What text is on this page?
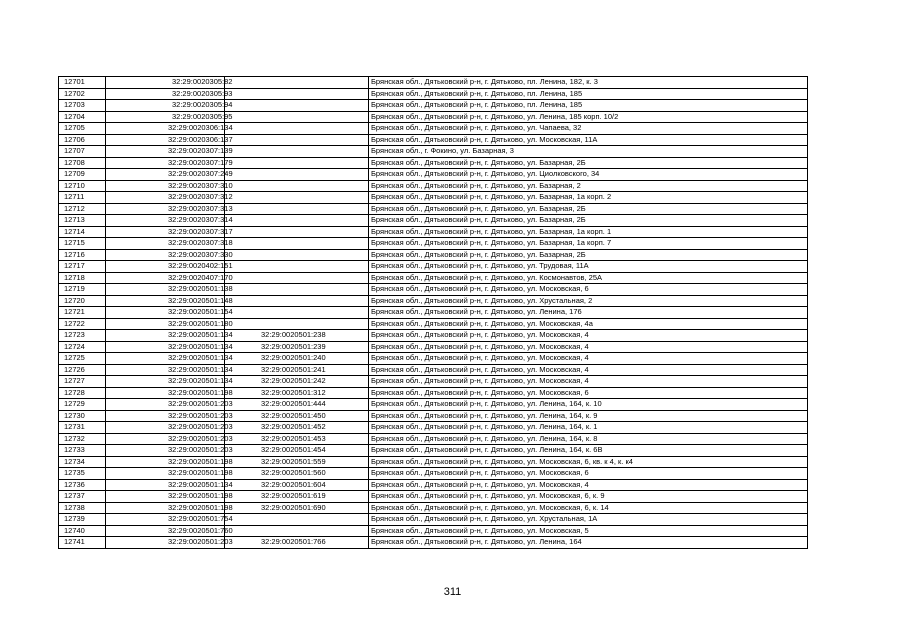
12701	32:29:0020305:82		Брянская обл., Дятьковский р-н, г. Дятьково, пл. Ленина, 182, к. 3
12702	32:29:0020305:93		Брянская обл., Дятьковский р-н, г. Дятьково, пл. Ленина, 185
12703	32:29:0020305:94		Брянская обл., Дятьковский р-н, г. Дятьково, пл. Ленина, 185
12704	32:29:0020305:95		Брянская обл., Дятьковский р-н, г. Дятьково, ул. Ленина, 185 корп. 10/2
12705	32:29:0020306:134		Брянская обл., Дятьковский р-н, г. Дятьково, ул. Чапаева, 32
12706	32:29:0020306:137		Брянская обл., Дятьковский р-н, г. Дятьково, ул. Московская, 11А
12707	32:29:0020307:139		Брянская обл., г. Фокино, ул. Базарная, 3
12708	32:29:0020307:179		Брянская обл., Дятьковский р-н, г. Дятьково, ул. Базарная, 2Б
12709	32:29:0020307:249		Брянская обл., Дятьковский р-н, г. Дятьково, ул. Циолковского, 34
12710	32:29:0020307:310		Брянская обл., Дятьковский р-н, г. Дятьково, ул. Базарная, 2
12711	32:29:0020307:312		Брянская обл., Дятьковский р-н, г. Дятьково, ул. Базарная, 1а корп. 2
12712	32:29:0020307:313		Брянская обл., Дятьковский р-н, г. Дятьково, ул. Базарная, 2Б
12713	32:29:0020307:314		Брянская обл., Дятьковский р-н, г. Дятьково, ул. Базарная, 2Б
12714	32:29:0020307:317		Брянская обл., Дятьковский р-н, г. Дятьково, ул. Базарная, 1а корп. 1
12715	32:29:0020307:318		Брянская обл., Дятьковский р-н, г. Дятьково, ул. Базарная, 1а корп. 7
12716	32:29:0020307:330		Брянская обл., Дятьковский р-н, г. Дятьково, ул. Базарная, 2Б
12717	32:29:0020402:151		Брянская обл., Дятьковский р-н, г. Дятьково, ул. Трудовая, 11А
12718	32:29:0020407:170		Брянская обл., Дятьковский р-н, г. Дятьково, ул. Космонавтов, 25А
12719	32:29:0020501:138		Брянская обл., Дятьковский р-н, г. Дятьково, ул. Московская, 6
12720	32:29:0020501:148		Брянская обл., Дятьковский р-н, г. Дятьково, ул. Хрустальная, 2
12721	32:29:0020501:154		Брянская обл., Дятьковский р-н, г. Дятьково, ул. Ленина, 176
12722	32:29:0020501:180		Брянская обл., Дятьковский р-н, г. Дятьково, ул. Московская, 4а
12723	32:29:0020501:134	32:29:0020501:238	Брянская обл., Дятьковский р-н, г. Дятьково, ул. Московская, 4
12724	32:29:0020501:134	32:29:0020501:239	Брянская обл., Дятьковский р-н, г. Дятьково, ул. Московская, 4
12725	32:29:0020501:134	32:29:0020501:240	Брянская обл., Дятьковский р-н, г. Дятьково, ул. Московская, 4
12726	32:29:0020501:134	32:29:0020501:241	Брянская обл., Дятьковский р-н, г. Дятьково, ул. Московская, 4
12727	32:29:0020501:134	32:29:0020501:242	Брянская обл., Дятьковский р-н, г. Дятьково, ул. Московская, 4
12728	32:29:0020501:198	32:29:0020501:312	Брянская обл., Дятьковский р-н, г. Дятьково, ул. Московская, 6
12729	32:29:0020501:203	32:29:0020501:444	Брянская обл., Дятьковский р-н, г. Дятьково, ул. Ленина, 164, к. 10
12730	32:29:0020501:203	32:29:0020501:450	Брянская обл., Дятьковский р-н, г. Дятьково, ул. Ленина, 164, к. 9
12731	32:29:0020501:203	32:29:0020501:452	Брянская обл., Дятьковский р-н, г. Дятьково, ул. Ленина, 164, к. 1
12732	32:29:0020501:203	32:29:0020501:453	Брянская обл., Дятьковский р-н, г. Дятьково, ул. Ленина, 164, к. 8
12733	32:29:0020501:203	32:29:0020501:454	Брянская обл., Дятьковский р-н, г. Дятьково, ул. Ленина, 164, к. 6В
12734	32:29:0020501:198	32:29:0020501:559	Брянская обл., Дятьковский р-н, г. Дятьково, ул. Московская, 6, кв. к 4, к. к4
12735	32:29:0020501:198	32:29:0020501:560	Брянская обл., Дятьковский р-н, г. Дятьково, ул. Московская, 6
12736	32:29:0020501:134	32:29:0020501:604	Брянская обл., Дятьковский р-н, г. Дятьково, ул. Московская, 4
12737	32:29:0020501:198	32:29:0020501:619	Брянская обл., Дятьковский р-н, г. Дятьково, ул. Московская, 6, к. 9
12738	32:29:0020501:198	32:29:0020501:690	Брянская обл., Дятьковский р-н, г. Дятьково, ул. Московская, 6, к. 14
12739	32:29:0020501:754		Брянская обл., Дятьковский р-н, г. Дятьково, ул. Хрустальная, 1А
12740	32:29:0020501:760		Брянская обл., Дятьковский р-н, г. Дятьково, ул. Московская, 5
12741	32:29:0020501:203	32:29:0020501:766	Брянская обл., Дятьковский р-н, г. Дятьково, ул. Ленина, 164
311
